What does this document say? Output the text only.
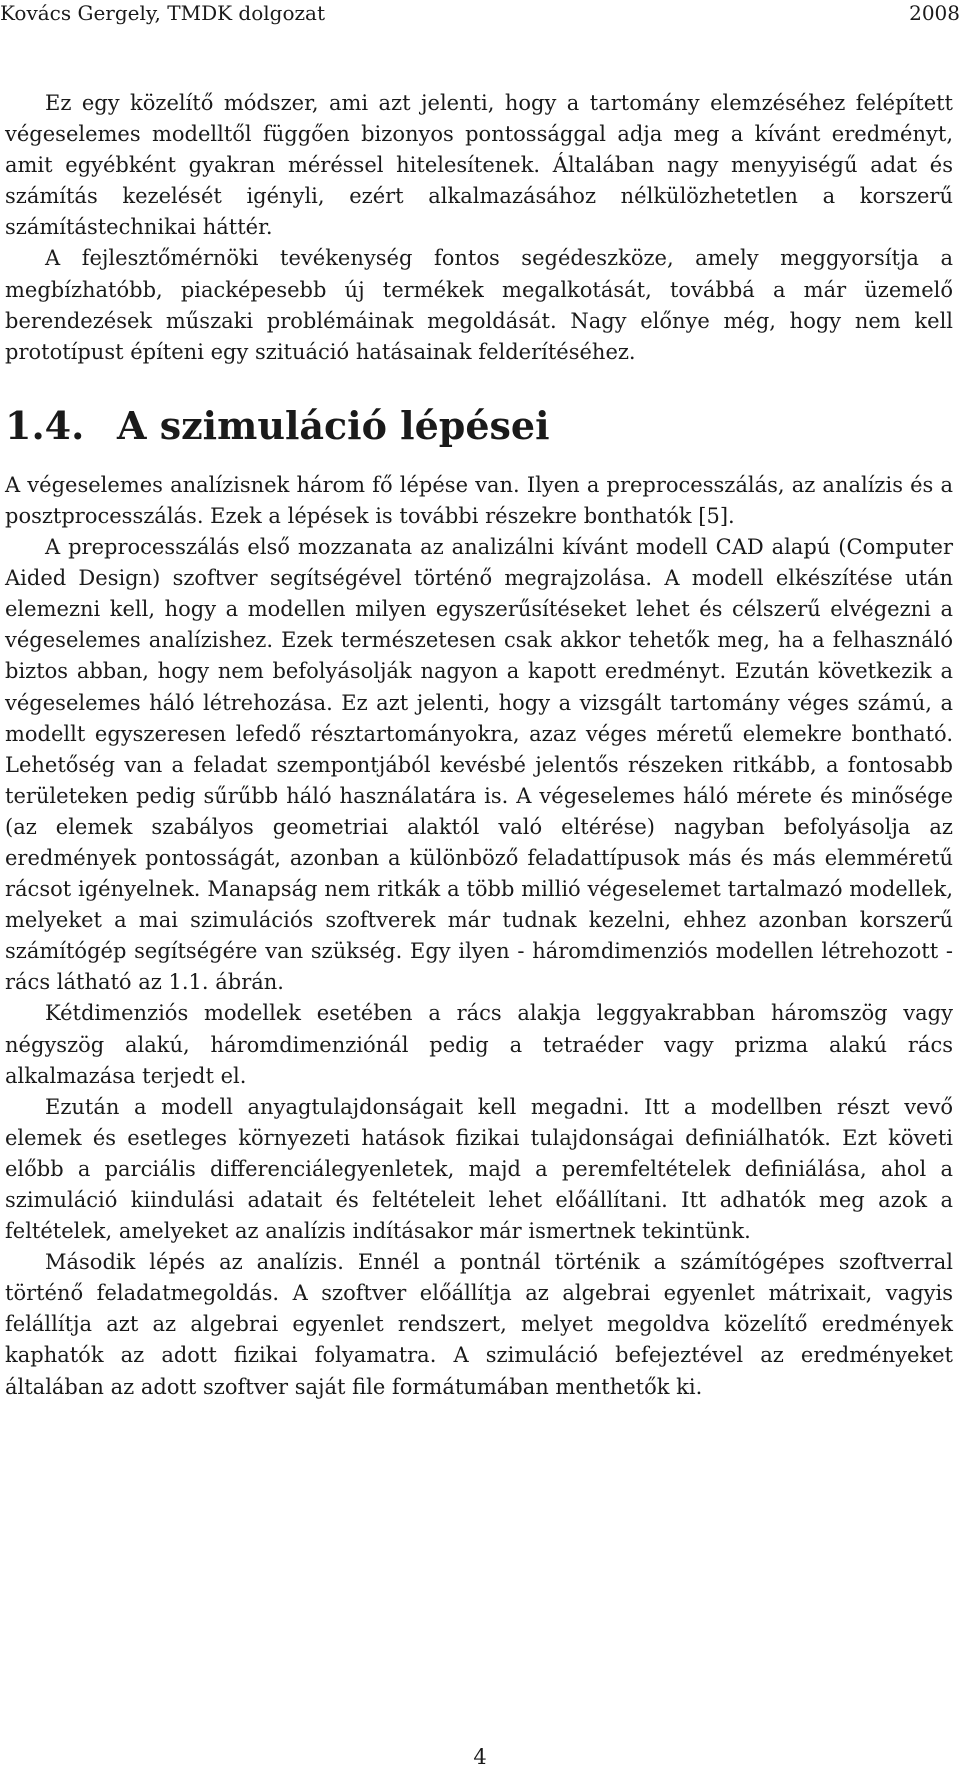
Kovács Gergely, TMDK dolgozat	2008

Ez egy közelítő módszer, ami azt jelenti, hogy a tartomány elemzéséhez felépített végeselemes modelltől függően bizonyos pontossággal adja meg a kívánt eredményt, amit egyébként gyakran méréssel hitelesítenek. Általában nagy menyyiségű adat és számítás kezelését igényli, ezért alkalmazásához nélkülözhetetlen a korszerű számítástechnikai háttér.

A fejlesztőmérnöki tevékenység fontos segédeszköze, amely meggyorsítja a megbízhatóbb, piacképesebb új termékek megalkotását, továbbá a már üzemelő berendezések műszaki problémáinak megoldását. Nagy előnye még, hogy nem kell prototípust építeni egy szituáció hatásainak felderítéséhez.

1.4. A szimuláció lépései

A végeselemes analízisnek három fő lépése van. Ilyen a preprocesszálás, az analízis és a posztprocesszálás. Ezek a lépések is további részekre bonthatók [5].

A preprocesszálás első mozzanata az analizálni kívánt modell CAD alapú (Computer Aided Design) szoftver segítségével történő megrajzolása. A modell elkészítése után elemezni kell, hogy a modellen milyen egyszerűsítéseket lehet és célszerű elvégezni a végeselemes analízishez. Ezek természetesen csak akkor tehetők meg, ha a felhasználó biztos abban, hogy nem befolyásolják nagyon a kapott eredményt. Ezután következik a végeselemes háló létrehozása. Ez azt jelenti, hogy a vizsgált tartomány véges számú, a modellt egyszeresen lefedő résztartományokra, azaz véges méretű elemekre bontható. Lehetőség van a feladat szempontjából kevésbé jelentős részeken ritkább, a fontosabb területeken pedig sűrűbb háló használatára is. A végeselemes háló mérete és minősége (az elemek szabályos geometriai alaktól való eltérése) nagyban befolyásolja az eredmények pontosságát, azonban a különböző feladattípusok más és más elemméretű rácsot igényelnek. Manapság nem ritkák a több millió végeselemet tartalmazó modellek, melyeket a mai szimulációs szoftverek már tudnak kezelni, ehhez azonban korszerű számítógép segítségére van szükség. Egy ilyen - háromdimenziós modellen létrehozott - rács látható az 1.1. ábrán.

Kétdimenziós modellek esetében a rács alakja leggyakrabban háromszög vagy négyszög alakú, háromdimenziónál pedig a tetraéder vagy prizma alakú rács alkalmazása terjedt el.

Ezután a modell anyagtulajdonságait kell megadni. Itt a modellben részt vevő elemek és esetleges környezeti hatások fizikai tulajdonságai definiálhatók. Ezt követi előbb a parciális differenciálegyenletek, majd a peremfeltételek definiálása, ahol a szimuláció kiindulási adatait és feltételeit lehet előállítani. Itt adhatók meg azok a feltételek, amelyeket az analízis indításakor már ismertnek tekintünk.

Második lépés az analízis. Ennél a pontnál történik a számítógépes szoftverral történő feladatmegoldás. A szoftver előállítja az algebrai egyenlet mátrixait, vagyis felállítja azt az algebrai egyenlet rendszert, melyet megoldva közelítő eredmények kaphatók az adott fizikai folyamatra. A szimuláció befejeztével az eredményeket általában az adott szoftver saját file formátumában menthetők ki.

4
